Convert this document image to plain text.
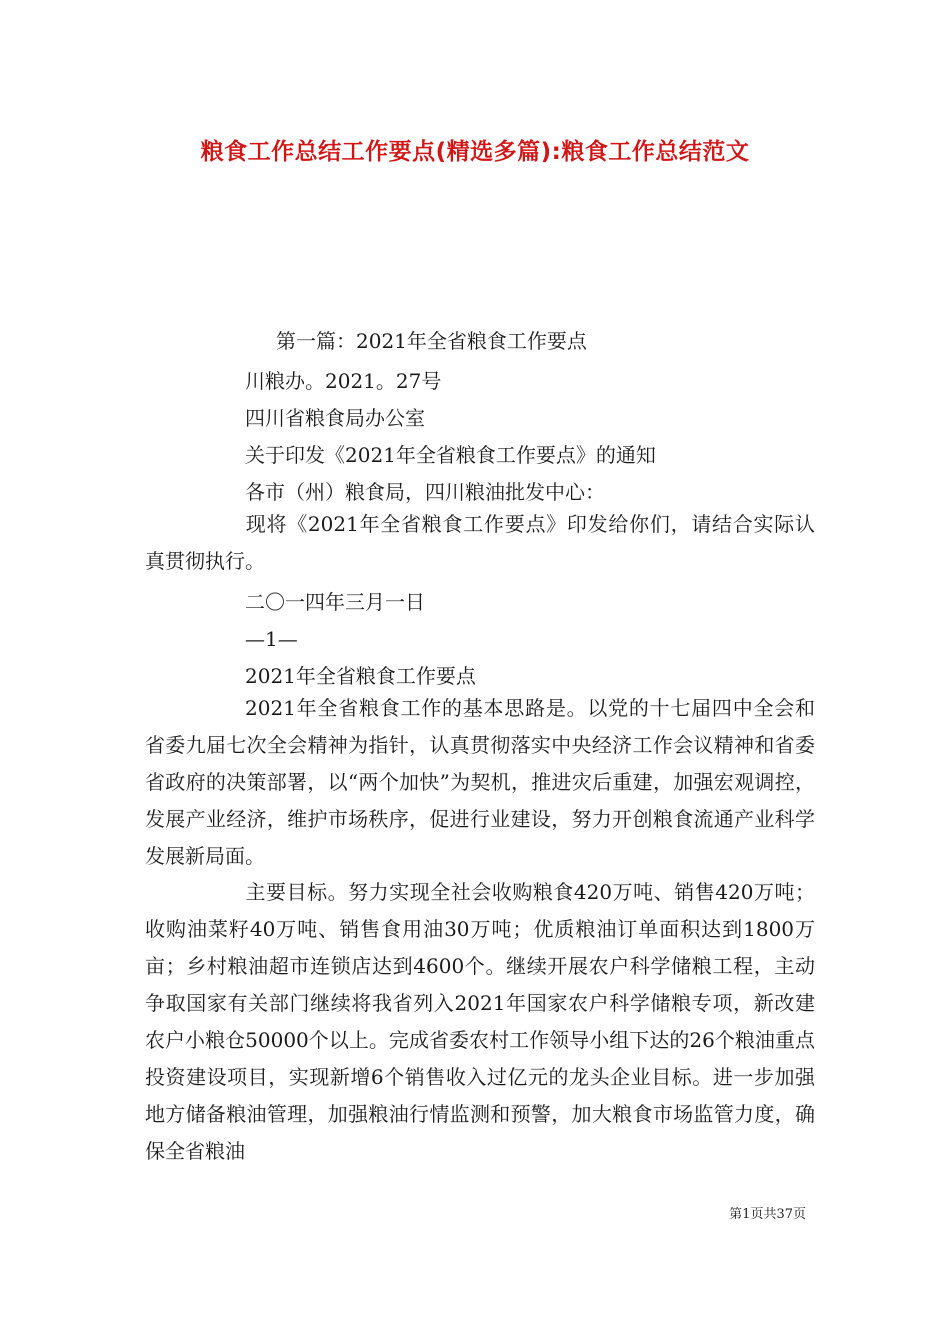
粮食工作总结工作要点(精选多篇):粮食工作总结范文
第一篇：2021年全省粮食工作要点
川粮办。2021。27号
四川省粮食局办公室
关于印发《2021年全省粮食工作要点》的通知
各市（州）粮食局，四川粮油批发中心：
现将《2021年全省粮食工作要点》印发给你们，请结合实际认真贯彻执行。
二〇一四年三月一日
—1—
2021年全省粮食工作要点
2021年全省粮食工作的基本思路是。以党的十七届四中全会和省委九届七次全会精神为指针，认真贯彻落实中央经济工作会议精神和省委省政府的决策部署，以“两个加快”为契机，推进灾后重建，加强宏观调控，发展产业经济，维护市场秩序，促进行业建设，努力开创粮食流通产业科学发展新局面。
主要目标。努力实现全社会收购粮食420万吨、销售420万吨；收购油菜籽40万吨、销售食用油30万吨；优质粮油订单面积达到1800万亩；乡村粮油超市连锁店达到4600个。继续开展农户科学储粮工程，主动争取国家有关部门继续将我省列入2021年国家农户科学储粮专项，新改建农户小粮仓50000个以上。完成省委农村工作领导小组下达的26个粮油重点投资建设项目，实现新增6个销售收入过亿元的龙头企业目标。进一步加强地方储备粮油管理，加强粮油行情监测和预警，加大粮食市场监管力度，确保全省粮油
第1页共37页
